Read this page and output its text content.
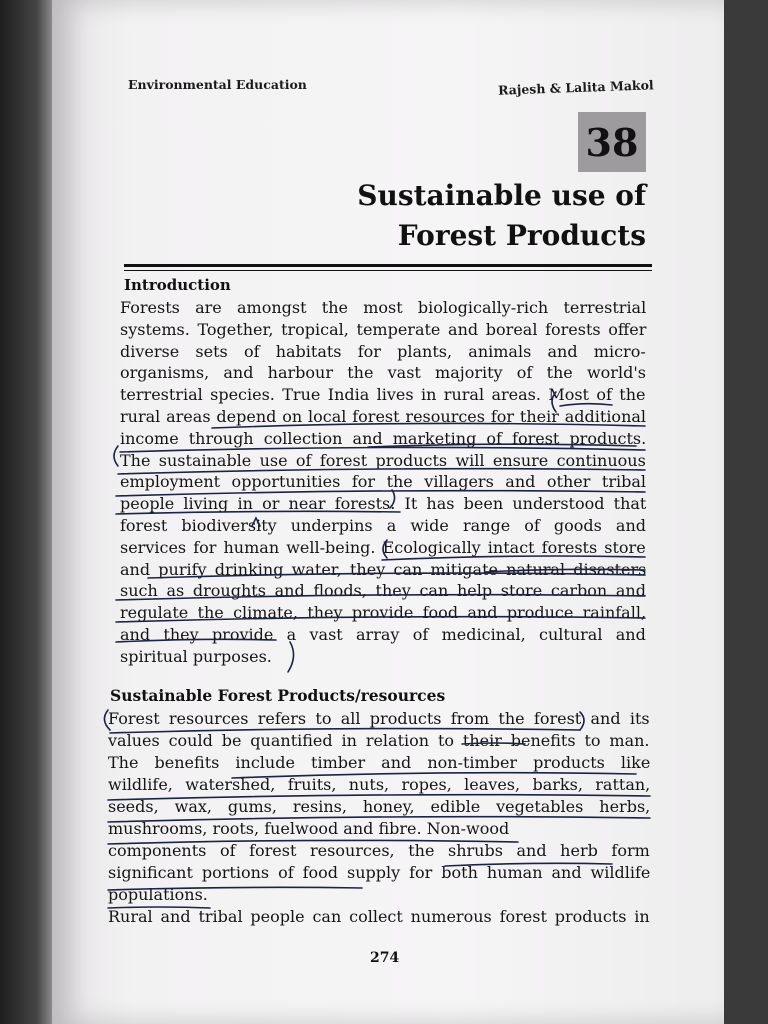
Environmental Education	Rajesh & Lalita Makol
38
Sustainable use of
Forest Products
Introduction
Forests are amongst the most biologically-rich terrestrial
systems. Together, tropical, temperate and boreal forests offer
diverse sets of habitats for plants, animals and micro-
organisms, and harbour the vast majority of the world's
terrestrial species. True India lives in rural areas. Most of the
rural areas depend on local forest resources for their additional
income through collection and marketing of forest products.
The sustainable use of forest products will ensure continuous
employment opportunities for the villagers and other tribal
people living in or near forests. It has been understood that
forest biodiversity underpins a wide range of goods and
services for human well-being. Ecologically intact forests store
and purify drinking water, they can mitigate natural disasters
such as droughts and floods, they can help store carbon and
regulate the climate, they provide food and produce rainfall,
and they provide a vast array of medicinal, cultural and
spiritual purposes.
Sustainable Forest Products/resources
Forest resources refers to all products from the forest and its
values could be quantified in relation to their benefits to man.
The benefits include timber and non-timber products like
wildlife, watershed, fruits, nuts, ropes, leaves, barks, rattan,
seeds, wax, gums, resins, honey, edible vegetables herbs,
mushrooms, roots, fuelwood and fibre. Non-wood
components of forest resources, the shrubs and herb form
significant portions of food supply for both human and wildlife
populations.
Rural and tribal people can collect numerous forest products in
274
